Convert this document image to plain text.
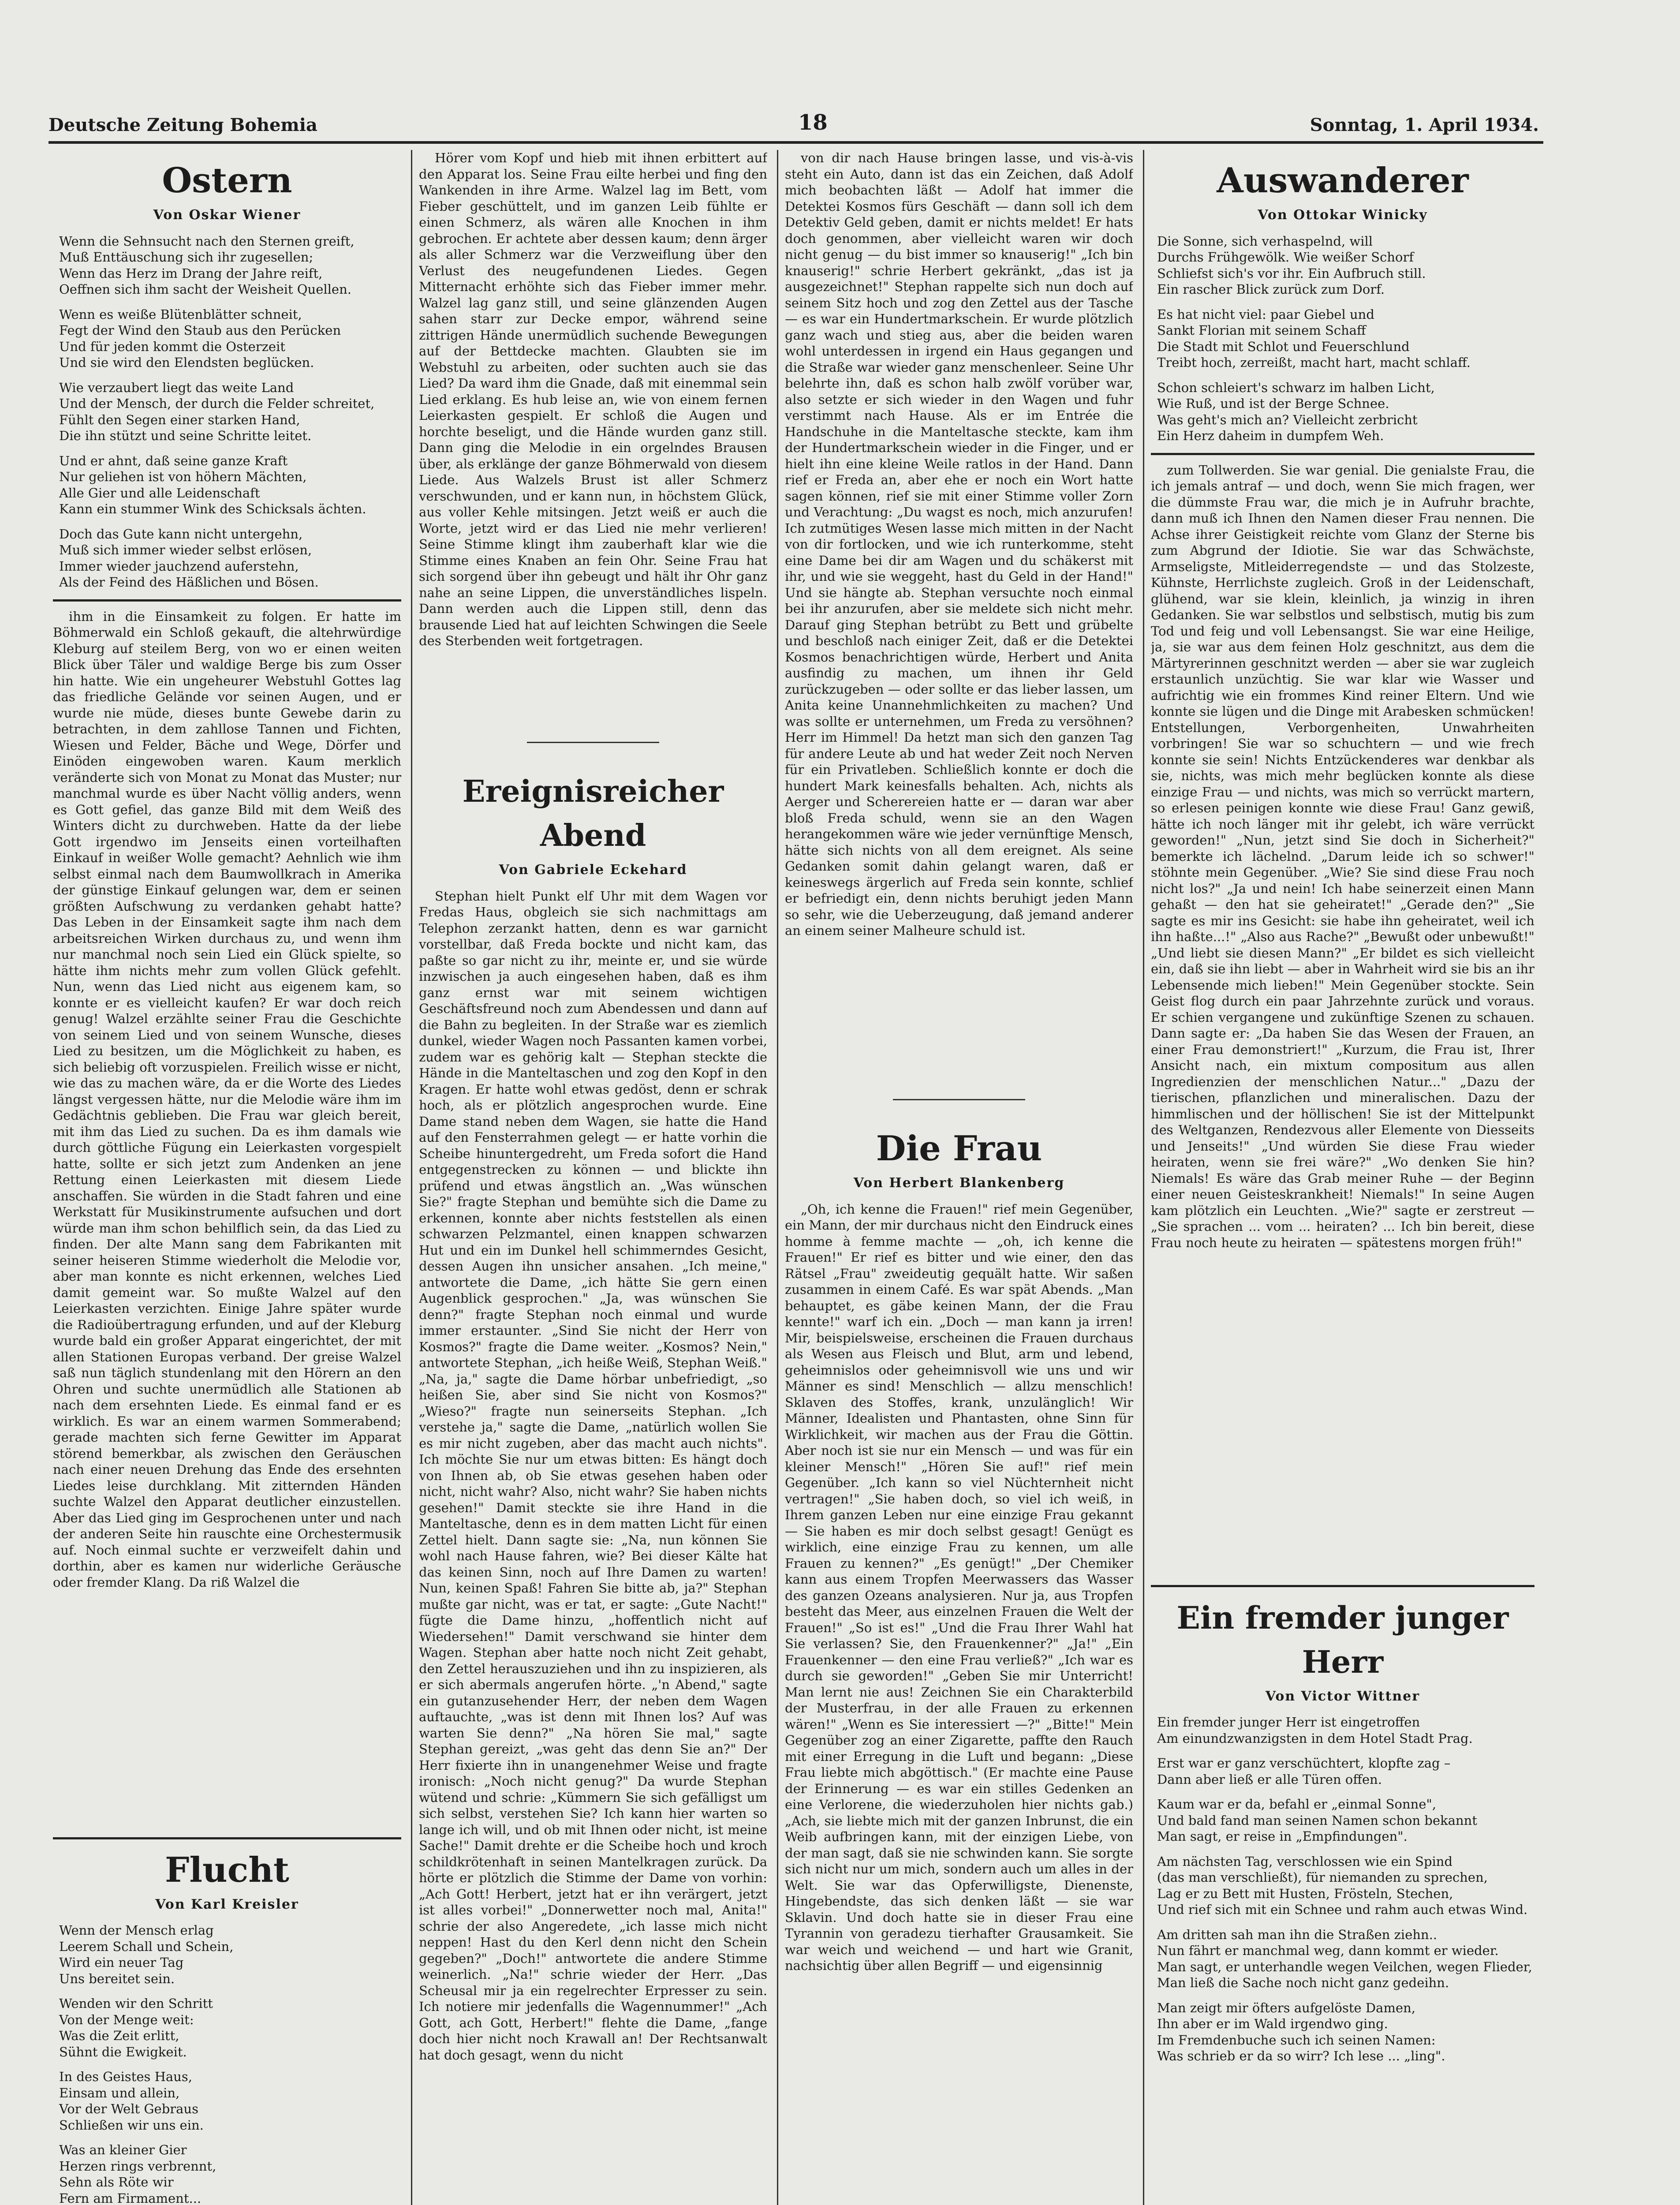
Deutsche Zeitung Bohemia	18	Sonntag, 1. April 1934.
Ostern
Von Oskar Wiener
Wenn die Sehnsucht nach den Sternen greift,
Muß Enttäuschung sich ihr zugesellen;
Wenn das Herz im Drang der Jahre reift,
Oeffnen sich ihm sacht der Weisheit Quellen.
Wenn es weiße Blütenblätter schneit,
Fegt der Wind den Staub aus den Perücken
Und für jeden kommt die Osterzeit
Und sie wird den Elendsten beglücken.
Wie verzaubert liegt das weite Land
Und der Mensch, der durch die Felder schreitet,
Fühlt den Segen einer starken Hand,
Die ihn stützt und seine Schritte leitet.
Und er ahnt, daß seine ganze Kraft
Nur geliehen ist von höhern Mächten,
Alle Gier und alle Leidenschaft
Kann ein stummer Wink des Schicksals ächten.
Doch das Gute kann nicht untergehn,
Muß sich immer wieder selbst erlösen,
Immer wieder jauchzend auferstehn,
Als der Feind des Häßlichen und Bösen.

ihm in die Einsamkeit zu folgen. Er hatte im Böhmerwald ein Schloß gekauft, die altehrwürdige Kleburg auf steilem Berg, von wo er einen weiten Blick über Täler und waldige Berge bis zum Osser hin hatte. Wie ein ungeheurer Webstuhl Gottes lag das friedliche Gelände vor seinen Augen, und er wurde nie müde, dieses bunte Gewebe darin zu betrachten, in dem zahllose Tannen und Fichten, Wiesen und Felder, Bäche und Wege, Dörfer und Einöden eingewoben waren. Kaum merklich veränderte sich von Monat zu Monat das Muster; nur manchmal wurde es über Nacht völlig anders, wenn es Gott gefiel, das ganze Bild mit dem Weiß des Winters dicht zu durchweben. Hatte da der liebe Gott irgendwo im Jenseits einen vorteilhaften Einkauf in weißer Wolle gemacht? Aehnlich wie ihm selbst einmal nach dem Baumwollkrach in Amerika der günstige Einkauf gelungen war, dem er seinen größten Aufschwung zu verdanken gehabt hatte? Das Leben in der Einsamkeit sagte ihm nach dem arbeitsreichen Wirken durchaus zu, und wenn ihm nur manchmal noch sein Lied ein Glück spielte, so hätte ihm nichts mehr zum vollen Glück gefehlt. Nun, wenn das Lied nicht aus eigenem kam, so konnte er es vielleicht kaufen? Er war doch reich genug! Walzel erzählte seiner Frau die Geschichte von seinem Lied und von seinem Wunsche, dieses Lied zu besitzen, um die Möglichkeit zu haben, es sich beliebig oft vorzuspielen. Freilich wisse er nicht, wie das zu machen wäre, da er die Worte des Liedes längst vergessen hätte, nur die Melodie wäre ihm im Gedächtnis geblieben. Die Frau war gleich bereit, mit ihm das Lied zu suchen. Da es ihm damals wie durch göttliche Fügung ein Leierkasten vorgespielt hatte, sollte er sich jetzt zum Andenken an jene Rettung einen Leierkasten mit diesem Liede anschaffen. Sie würden in die Stadt fahren und eine Werkstatt für Musikinstrumente aufsuchen und dort würde man ihm schon behilflich sein, da das Lied zu finden. Der alte Mann sang dem Fabrikanten mit seiner heiseren Stimme wiederholt die Melodie vor, aber man konnte es nicht erkennen, welches Lied damit gemeint war. So mußte Walzel auf den Leierkasten verzichten. Einige Jahre später wurde die Radioübertragung erfunden, und auf der Kleburg wurde bald ein großer Apparat eingerichtet, der mit allen Stationen Europas verband. Der greise Walzel saß nun täglich stundenlang mit den Hörern an den Ohren und suchte unermüdlich alle Stationen ab nach dem ersehnten Liede. Es einmal fand er es wirklich. Es war an einem warmen Sommerabend; gerade machten sich ferne Gewitter im Apparat störend bemerkbar, als zwischen den Geräuschen nach einer neuen Drehung das Ende des ersehnten Liedes leise durchklang. Mit zitternden Händen suchte Walzel den Apparat deutlicher einzustellen. Aber das Lied ging im Gesprochenen unter und nach der anderen Seite hin rauschte eine Orchestermusik auf. Noch einmal suchte er verzweifelt dahin und dorthin, aber es kamen nur widerliche Geräusche oder fremder Klang. Da riß Walzel die

Flucht
Von Karl Kreisler
Wenn der Mensch erlag
Leerem Schall und Schein,
Wird ein neuer Tag
Uns bereitet sein.
Wenden wir den Schritt
Von der Menge weit:
Was die Zeit erlitt,
Sühnt die Ewigkeit.
In des Geistes Haus,
Einsam und allein,
Vor der Welt Gebraus
Schließen wir uns ein.
Was an kleiner Gier
Herzen rings verbrennt,
Sehn als Röte wir
Fern am Firmament...

Hörer vom Kopf und hieb mit ihnen erbittert auf den Apparat los. Seine Frau eilte herbei und fing den Wankenden in ihre Arme. Walzel lag im Bett, vom Fieber geschüttelt, und im ganzen Leib fühlte er einen Schmerz, als wären alle Knochen in ihm gebrochen. Er achtete aber dessen kaum; denn ärger als aller Schmerz war die Verzweiflung über den Verlust des neugefundenen Liedes. Gegen Mitternacht erhöhte sich das Fieber immer mehr. Walzel lag ganz still, und seine glänzenden Augen sahen starr zur Decke empor, während seine zittrigen Hände unermüdlich suchende Bewegungen auf der Bettdecke machten. Glaubten sie im Webstuhl zu arbeiten, oder suchten auch sie das Lied? Da ward ihm die Gnade, daß mit einemmal sein Lied erklang. Es hub leise an, wie von einem fernen Leierkasten gespielt. Er schloß die Augen und horchte beseligt, und die Hände wurden ganz still. Dann ging die Melodie in ein orgelndes Brausen über, als erklänge der ganze Böhmerwald von diesem Liede. Aus Walzels Brust ist aller Schmerz verschwunden, und er kann nun, in höchstem Glück, aus voller Kehle mitsingen. Jetzt weiß er auch die Worte, jetzt wird er das Lied nie mehr verlieren! Seine Stimme klingt ihm zauberhaft klar wie die Stimme eines Knaben an fein Ohr. Seine Frau hat sich sorgend über ihn gebeugt und hält ihr Ohr ganz nahe an seine Lippen, die unverständliches lispeln. Dann werden auch die Lippen still, denn das brausende Lied hat auf leichten Schwingen die Seele des Sterbenden weit fortgetragen.

Ereignisreicher Abend
Von Gabriele Eckehard

Stephan hielt Punkt elf Uhr mit dem Wagen vor Fredas Haus, obgleich sie sich nachmittags am Telephon zerzankt hatten, denn es war garnicht vorstellbar, daß Freda bockte und nicht kam, das paßte so gar nicht zu ihr, meinte er, und sie würde inzwischen ja auch eingesehen haben, daß es ihm ganz ernst war mit seinem wichtigen Geschäftsfreund noch zum Abendessen und dann auf die Bahn zu begleiten. In der Straße war es ziemlich dunkel, wieder Wagen noch Passanten kamen vorbei, zudem war es gehörig kalt — Stephan steckte die Hände in die Manteltaschen und zog den Kopf in den Kragen. Er hatte wohl etwas gedöst, denn er schrak hoch, als er plötzlich angesprochen wurde. Eine Dame stand neben dem Wagen, sie hatte die Hand auf den Fensterrahmen gelegt — er hatte vorhin die Scheibe hinuntergedreht, um Freda sofort die Hand entgegenstrecken zu können — und blickte ihn prüfend und etwas ängstlich an. „Was wünschen Sie?" fragte Stephan und bemühte sich die Dame zu erkennen, konnte aber nichts feststellen als einen schwarzen Pelzmantel, einen knappen schwarzen Hut und ein im Dunkel hell schimmerndes Gesicht, dessen Augen ihn unsicher ansahen. „Ich meine," antwortete die Dame, „ich hätte Sie gern einen Augenblick gesprochen." „Ja, was wünschen Sie denn?" fragte Stephan noch einmal und wurde immer erstaunter. „Sind Sie nicht der Herr von Kosmos?" fragte die Dame weiter. „Kosmos? Nein," antwortete Stephan, „ich heiße Weiß, Stephan Weiß." „Na, ja," sagte die Dame hörbar unbefriedigt, „so heißen Sie, aber sind Sie nicht von Kosmos?" „Wieso?" fragte nun seinerseits Stephan. „Ich verstehe ja," sagte die Dame, „natürlich wollen Sie es mir nicht zugeben, aber das macht auch nichts". Ich möchte Sie nur um etwas bitten: Es hängt doch von Ihnen ab, ob Sie etwas gesehen haben oder nicht, nicht wahr? Also, nicht wahr? Sie haben nichts gesehen!" Damit steckte sie ihre Hand in die Manteltasche, denn es in dem matten Licht für einen Zettel hielt. Dann sagte sie: „Na, nun können Sie wohl nach Hause fahren, wie? Bei dieser Kälte hat das keinen Sinn, noch auf Ihre Damen zu warten! Nun, keinen Spaß! Fahren Sie bitte ab, ja?" Stephan mußte gar nicht, was er tat, er sagte: „Gute Nacht!" fügte die Dame hinzu, „hoffentlich nicht auf Wiedersehen!" Damit verschwand sie hinter dem Wagen. Stephan aber hatte noch nicht Zeit gehabt, den Zettel herauszuziehen und ihn zu inspizieren, als er sich abermals angerufen hörte. „'n Abend," sagte ein gutanzusehender Herr, der neben dem Wagen auftauchte, „was ist denn mit Ihnen los? Auf was warten Sie denn?" „Na hören Sie mal," sagte Stephan gereizt, „was geht das denn Sie an?" Der Herr fixierte ihn in unangenehmer Weise und fragte ironisch: „Noch nicht genug?" Da wurde Stephan wütend und schrie: „Kümmern Sie sich gefälligst um sich selbst, verstehen Sie? Ich kann hier warten so lange ich will, und ob mit Ihnen oder nicht, ist meine Sache!" Damit drehte er die Scheibe hoch und kroch schildkrötenhaft in seinen Mantelkragen zurück. Da hörte er plötzlich die Stimme der Dame von vorhin: „Ach Gott! Herbert, jetzt hat er ihn verärgert, jetzt ist alles vorbei!" „Donnerwetter noch mal, Anita!" schrie der also Angeredete, „ich lasse mich nicht neppen! Hast du den Kerl denn nicht den Schein gegeben?" „Doch!" antwortete die andere Stimme weinerlich. „Na!" schrie wieder der Herr. „Das Scheusal mir ja ein regelrechter Erpresser zu sein. Ich notiere mir jedenfalls die Wagennummer!" „Ach Gott, ach Gott, Herbert!" flehte die Dame, „fange doch hier nicht noch Krawall an! Der Rechtsanwalt hat doch gesagt, wenn du nicht

von dir nach Hause bringen lasse, und vis-à-vis steht ein Auto, dann ist das ein Zeichen, daß Adolf mich beobachten läßt — Adolf hat immer die Detektei Kosmos fürs Geschäft — dann soll ich dem Detektiv Geld geben, damit er nichts meldet! Er hats doch genommen, aber vielleicht waren wir doch nicht genug — du bist immer so knauserig!" „Ich bin knauserig!" schrie Herbert gekränkt, „das ist ja ausgezeichnet!" Stephan rappelte sich nun doch auf seinem Sitz hoch und zog den Zettel aus der Tasche — es war ein Hundertmarkschein. Er wurde plötzlich ganz wach und stieg aus, aber die beiden waren wohl unterdessen in irgend ein Haus gegangen und die Straße war wieder ganz menschenleer. Seine Uhr belehrte ihn, daß es schon halb zwölf vorüber war, also setzte er sich wieder in den Wagen und fuhr verstimmt nach Hause. Als er im Entrée die Handschuhe in die Manteltasche steckte, kam ihm der Hundertmarkschein wieder in die Finger, und er hielt ihn eine kleine Weile ratlos in der Hand. Dann rief er Freda an, aber ehe er noch ein Wort hatte sagen können, rief sie mit einer Stimme voller Zorn und Verachtung: „Du wagst es noch, mich anzurufen! Ich zutmütiges Wesen lasse mich mitten in der Nacht von dir fortlocken, und wie ich runterkomme, steht eine Dame bei dir am Wagen und du schäkerst mit ihr, und wie sie weggeht, hast du Geld in der Hand!" Und sie hängte ab. Stephan versuchte noch einmal bei ihr anzurufen, aber sie meldete sich nicht mehr. Darauf ging Stephan betrübt zu Bett und grübelte und beschloß nach einiger Zeit, daß er die Detektei Kosmos benachrichtigen würde, Herbert und Anita ausfindig zu machen, um ihnen ihr Geld zurückzugeben — oder sollte er das lieber lassen, um Anita keine Unannehmlichkeiten zu machen? Und was sollte er unternehmen, um Freda zu versöhnen? Herr im Himmel! Da hetzt man sich den ganzen Tag für andere Leute ab und hat weder Zeit noch Nerven für ein Privatleben. Schließlich konnte er doch die hundert Mark keinesfalls behalten. Ach, nichts als Aerger und Scherereien hatte er — daran war aber bloß Freda schuld, wenn sie an den Wagen herangekommen wäre wie jeder vernünftige Mensch, hätte sich nichts von all dem ereignet. Als seine Gedanken somit dahin gelangt waren, daß er keineswegs ärgerlich auf Freda sein konnte, schlief er befriedigt ein, denn nichts beruhigt jeden Mann so sehr, wie die Ueberzeugung, daß jemand anderer an einem seiner Malheure schuld ist.

Die Frau
Von Herbert Blankenberg

„Oh, ich kenne die Frauen!" rief mein Gegenüber, ein Mann, der mir durchaus nicht den Eindruck eines homme à femme machte — „oh, ich kenne die Frauen!" Er rief es bitter und wie einer, den das Rätsel „Frau" zweideutig gequält hatte. Wir saßen zusammen in einem Café. Es war spät Abends. „Man behauptet, es gäbe keinen Mann, der die Frau kennte!" warf ich ein. „Doch — man kann ja irren! Mir, beispielsweise, erscheinen die Frauen durchaus als Wesen aus Fleisch und Blut, arm und lebend, geheimnislos oder geheimnisvoll wie uns und wir Männer es sind! Menschlich — allzu menschlich! Sklaven des Stoffes, krank, unzulänglich! Wir Männer, Idealisten und Phantasten, ohne Sinn für Wirklichkeit, wir machen aus der Frau die Göttin. Aber noch ist sie nur ein Mensch — und was für ein kleiner Mensch!" „Hören Sie auf!" rief mein Gegenüber. „Ich kann so viel Nüchternheit nicht vertragen!" „Sie haben doch, so viel ich weiß, in Ihrem ganzen Leben nur eine einzige Frau gekannt — Sie haben es mir doch selbst gesagt! Genügt es wirklich, eine einzige Frau zu kennen, um alle Frauen zu kennen?" „Es genügt!" „Der Chemiker kann aus einem Tropfen Meerwassers das Wasser des ganzen Ozeans analysieren. Nur ja, aus Tropfen besteht das Meer, aus einzelnen Frauen die Welt der Frauen!" „So ist es!" „Und die Frau Ihrer Wahl hat Sie verlassen? Sie, den Frauenkenner?" „Ja!" „Ein Frauenkenner — den eine Frau verließ?" „Ich war es durch sie geworden!" „Geben Sie mir Unterricht! Man lernt nie aus! Zeichnen Sie ein Charakterbild der Musterfrau, in der alle Frauen zu erkennen wären!" „Wenn es Sie interessiert —?" „Bitte!" Mein Gegenüber zog an einer Zigarette, paffte den Rauch mit einer Erregung in die Luft und begann: „Diese Frau liebte mich abgöttisch." (Er machte eine Pause der Erinnerung — es war ein stilles Gedenken an eine Verlorene, die wiederzuholen hier nichts gab.) „Ach, sie liebte mich mit der ganzen Inbrunst, die ein Weib aufbringen kann, mit der einzigen Liebe, von der man sagt, daß sie nie schwinden kann. Sie sorgte sich nicht nur um mich, sondern auch um alles in der Welt. Sie war das Opferwilligste, Dienenste, Hingebendste, das sich denken läßt — sie war Sklavin. Und doch hatte sie in dieser Frau eine Tyrannin von geradezu tierhafter Grausamkeit. Sie war weich und weichend — und hart wie Granit, nachsichtig über allen Begriff — und eigensinnig

Auswanderer
Von Ottokar Winicky
Die Sonne, sich verhaspelnd, will
Durchs Frühgewölk. Wie weißer Schorf
Schliefst sich's vor ihr. Ein Aufbruch still.
Ein rascher Blick zurück zum Dorf.
Es hat nicht viel: paar Giebel und
Sankt Florian mit seinem Schaff
Die Stadt mit Schlot und Feuerschlund
Treibt hoch, zerreißt, macht hart, macht schlaff.
Schon schleiert's schwarz im halben Licht,
Wie Ruß, und ist der Berge Schnee.
Was geht's mich an? Vielleicht zerbricht
Ein Herz daheim in dumpfem Weh.

zum Tollwerden. Sie war genial. Die genialste Frau, die ich jemals antraf — und doch, wenn Sie mich fragen, wer die dümmste Frau war, die mich je in Aufruhr brachte, dann muß ich Ihnen den Namen dieser Frau nennen. Die Achse ihrer Geistigkeit reichte vom Glanz der Sterne bis zum Abgrund der Idiotie. Sie war das Schwächste, Armseligste, Mitleiderregendste — und das Stolzeste, Kühnste, Herrlichste zugleich. Groß in der Leidenschaft, glühend, war sie klein, kleinlich, ja winzig in ihren Gedanken. Sie war selbstlos und selbstisch, mutig bis zum Tod und feig und voll Lebensangst. Sie war eine Heilige, ja, sie war aus dem feinen Holz geschnitzt, aus dem die Märtyrerinnen geschnitzt werden — aber sie war zugleich erstaunlich unzüchtig. Sie war klar wie Wasser und aufrichtig wie ein frommes Kind reiner Eltern. Und wie konnte sie lügen und die Dinge mit Arabesken schmücken! Entstellungen, Verborgenheiten, Unwahrheiten vorbringen! Sie war so schuchtern — und wie frech konnte sie sein! Nichts Entzückenderes war denkbar als sie, nichts, was mich mehr beglücken konnte als diese einzige Frau — und nichts, was mich so verrückt martern, so erlesen peinigen konnte wie diese Frau! Ganz gewiß, hätte ich noch länger mit ihr gelebt, ich wäre verrückt geworden!" „Nun, jetzt sind Sie doch in Sicherheit?" bemerkte ich lächelnd. „Darum leide ich so schwer!" stöhnte mein Gegenüber. „Wie? Sie sind diese Frau noch nicht los?" „Ja und nein! Ich habe seinerzeit einen Mann gehaßt — den hat sie geheiratet!" „Gerade den?" „Sie sagte es mir ins Gesicht: sie habe ihn geheiratet, weil ich ihn haßte...!" „Also aus Rache?" „Bewußt oder unbewußt!" „Und liebt sie diesen Mann?" „Er bildet es sich vielleicht ein, daß sie ihn liebt — aber in Wahrheit wird sie bis an ihr Lebensende mich lieben!" Mein Gegenüber stockte. Sein Geist flog durch ein paar Jahrzehnte zurück und voraus. Er schien vergangene und zukünftige Szenen zu schauen. Dann sagte er: „Da haben Sie das Wesen der Frauen, an einer Frau demonstriert!" „Kurzum, die Frau ist, Ihrer Ansicht nach, ein mixtum compositum aus allen Ingredienzien der menschlichen Natur..." „Dazu der tierischen, pflanzlichen und mineralischen. Dazu der himmlischen und der höllischen! Sie ist der Mittelpunkt des Weltganzen, Rendezvous aller Elemente von Diesseits und Jenseits!" „Und würden Sie diese Frau wieder heiraten, wenn sie frei wäre?" „Wo denken Sie hin? Niemals! Es wäre das Grab meiner Ruhe — der Beginn einer neuen Geisteskrankheit! Niemals!" In seine Augen kam plötzlich ein Leuchten. „Wie?" sagte er zerstreut — „Sie sprachen ... vom ... heiraten? ... Ich bin bereit, diese Frau noch heute zu heiraten — spätestens morgen früh!"

Ein fremder junger Herr
Von Victor Wittner
Ein fremder junger Herr ist eingetroffen
Am einundzwanzigsten in dem Hotel Stadt Prag.
Erst war er ganz verschüchtert, klopfte zag –
Dann aber ließ er alle Türen offen.
Kaum war er da, befahl er „einmal Sonne",
Und bald fand man seinen Namen schon bekannt
Man sagt, er reise in „Empfindungen".
Am nächsten Tag, verschlossen wie ein Spind
(das man verschließt), für niemanden zu sprechen,
Lag er zu Bett mit Husten, Frösteln, Stechen,
Und rief sich mit ein Schnee und rahm auch etwas Wind.
Am dritten sah man ihn die Straßen ziehn..
Nun fährt er manchmal weg, dann kommt er wieder.
Man sagt, er unterhandle wegen Veilchen, wegen Flieder,
Man ließ die Sache noch nicht ganz gedeihn.
Man zeigt mir öfters aufgelöste Damen,
Ihn aber er im Wald irgendwo ging.
Im Fremdenbuche such ich seinen Namen:
Was schrieb er da so wirr? Ich lese ... „ling".
